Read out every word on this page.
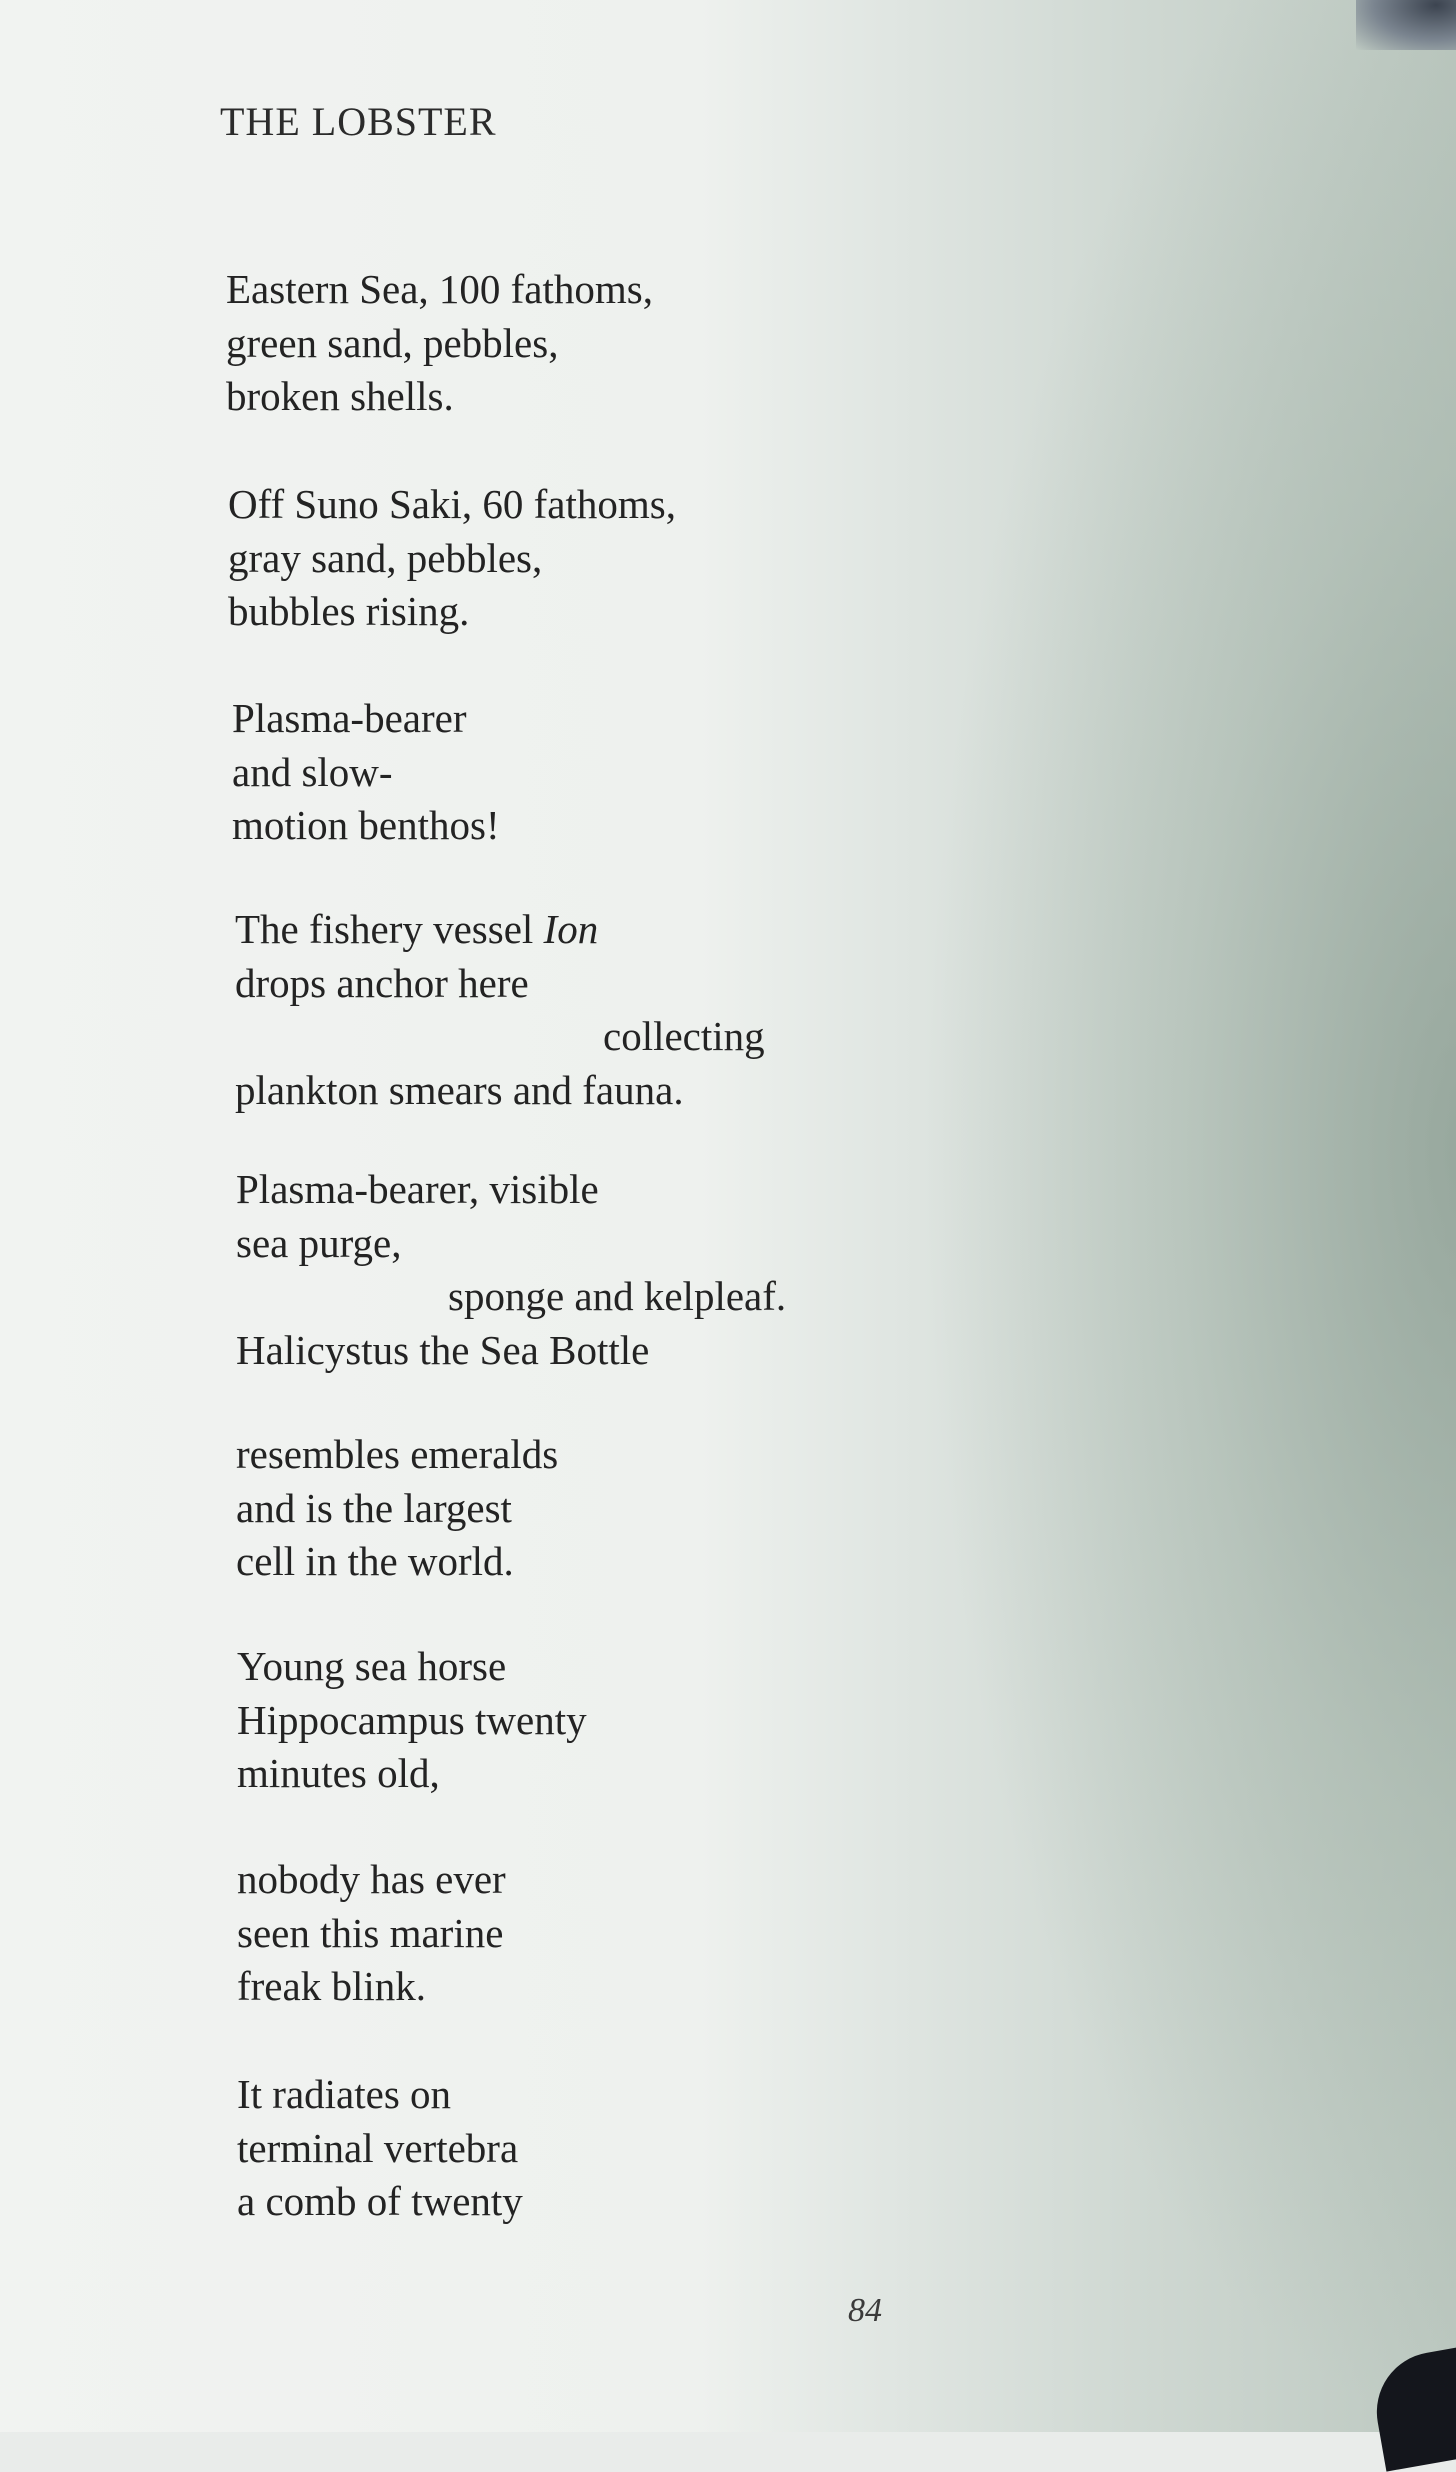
THE LOBSTER
Eastern Sea, 100 fathoms,
green sand, pebbles,
broken shells.
Off Suno Saki, 60 fathoms,
gray sand, pebbles,
bubbles rising.
Plasma-bearer
and slow-
motion benthos!
The fishery vessel Ion
drops anchor here
collecting
plankton smears and fauna.
Plasma-bearer, visible
sea purge,
sponge and kelpleaf.
Halicystus the Sea Bottle
resembles emeralds
and is the largest
cell in the world.
Young sea horse
Hippocampus twenty
minutes old,
nobody has ever
seen this marine
freak blink.
It radiates on
terminal vertebra
a comb of twenty
84
